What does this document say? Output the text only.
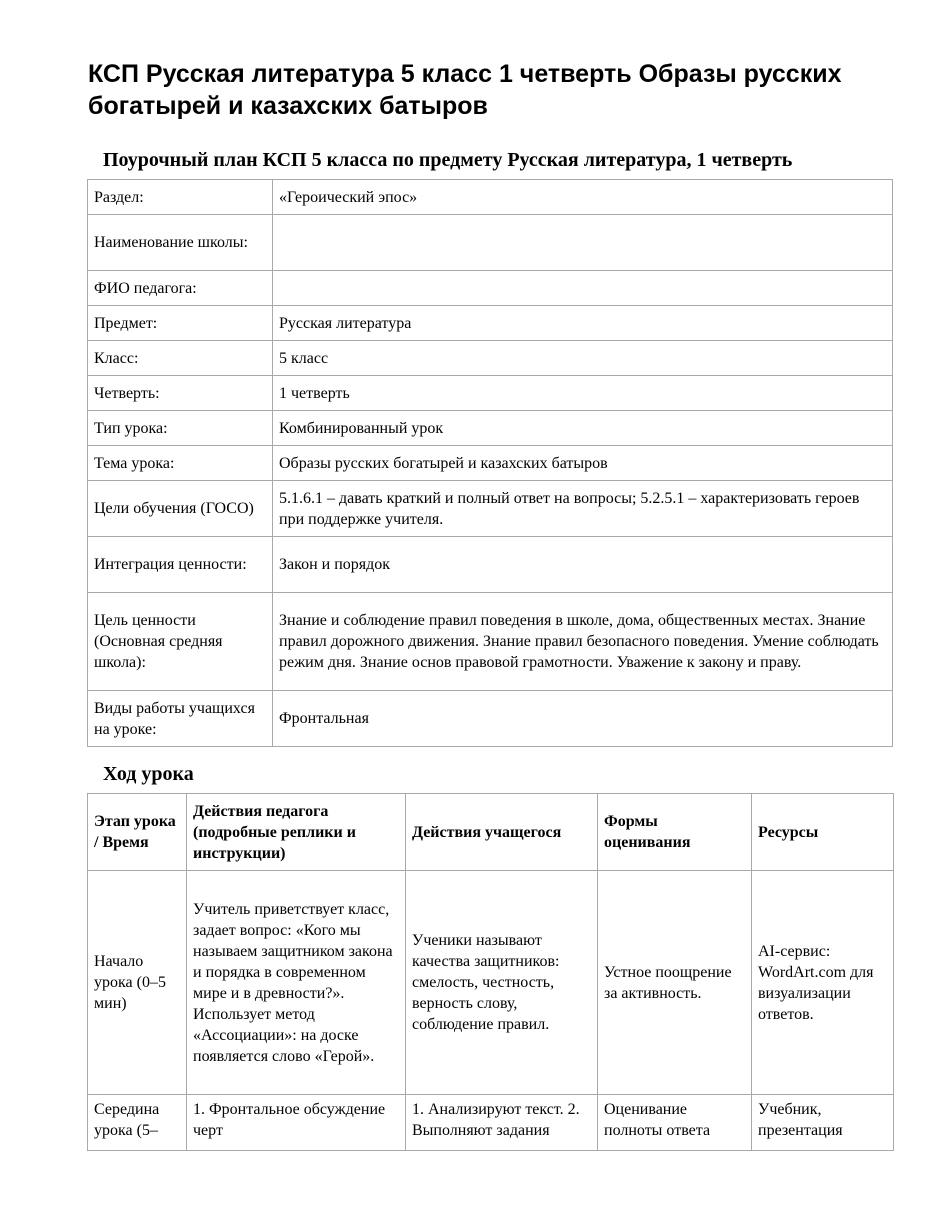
КСП Русская литература 5 класс 1 четверть Образы русских богатырей и казахских батыров
Поурочный план КСП 5 класса по предмету Русская литература, 1 четверть
Раздел:	«Героический эпос»
Наименование школы:	
ФИО педагога:	
Предмет:	Русская литература
Класс:	5 класс
Четверть:	1 четверть
Тип урока:	Комбинированный урок
Тема урока:	Образы русских богатырей и казахских батыров
Цели обучения (ГОСО)	5.1.6.1 – давать краткий и полный ответ на вопросы; 5.2.5.1 – характеризовать героев при поддержке учителя.
Интеграция ценности:	Закон и порядок
Цель ценности (Основная средняя школа):	Знание и соблюдение правил поведения в школе, дома, общественных местах. Знание правил дорожного движения. Знание правил безопасного поведения. Умение соблюдать режим дня. Знание основ правовой грамотности. Уважение к закону и праву.
Виды работы учащихся на уроке:	Фронтальная
Ход урока
Этап урока / Время	Действия педагога (подробные реплики и инструкции)	Действия учащегося	Формы оценивания	Ресурсы
Начало урока (0–5 мин)	Учитель приветствует класс, задает вопрос: «Кого мы называем защитником закона и порядка в современном мире и в древности?». Использует метод «Ассоциации»: на доске появляется слово «Герой».	Ученики называют качества защитников: смелость, честность, верность слову, соблюдение правил.	Устное поощрение за активность.	AI-сервис: WordArt.com для визуализации ответов.
Середина урока (5–	1. Фронтальное обсуждение черт	1. Анализируют текст. 2. Выполняют задания	Оценивание полноты ответа	Учебник, презентация
